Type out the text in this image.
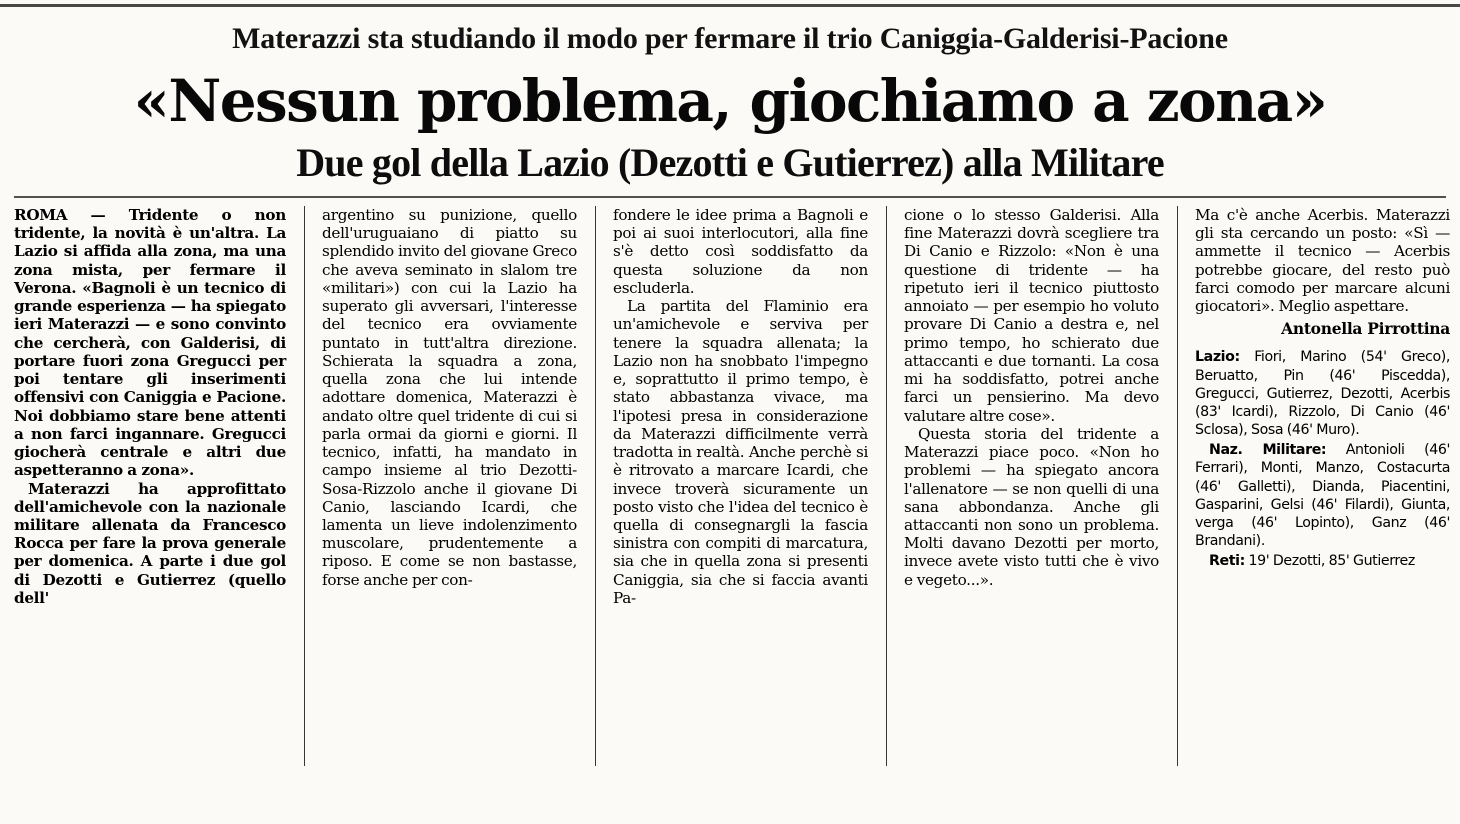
Materazzi sta studiando il modo per fermare il trio Caniggia-Galderisi-Pacione
«Nessun problema, giochiamo a zona»
Due gol della Lazio (Dezotti e Gutierrez) alla Militare

ROMA — Tridente o non tridente, la novità è un'altra. La Lazio si affida alla zona, ma una zona mista, per fermare il Verona. «Bagnoli è un tecnico di grande esperienza — ha spiegato ieri Materazzi — e sono convinto che cercherà, con Galderisi, di portare fuori zona Gregucci per poi tentare gli inserimenti offensivi con Caniggia e Pacione. Noi dobbiamo stare bene attenti a non farci ingannare. Gregucci giocherà centrale e altri due aspetteranno a zona».

Materazzi ha approfittato dell'amichevole con la nazionale militare allenata da Francesco Rocca per fare la prova generale per domenica. A parte i due gol di Dezotti e Gutierrez (quello dell'

argentino su punizione, quello dell'uruguaiano di piatto su splendido invito del giovane Greco che aveva seminato in slalom tre «militari») con cui la Lazio ha superato gli avversari, l'interesse del tecnico era ovviamente puntato in tutt'altra direzione. Schierata la squadra a zona, quella zona che lui intende adottare domenica, Materazzi è andato oltre quel tridente di cui si parla ormai da giorni e giorni. Il tecnico, infatti, ha mandato in campo insieme al trio Dezotti-Sosa-Rizzolo anche il giovane Di Canio, lasciando Icardi, che lamenta un lieve indolenzimento muscolare, prudentemente a riposo. E come se non bastasse, forse anche per con-

fondere le idee prima a Bagnoli e poi ai suoi interlocutori, alla fine s'è detto così soddisfatto da questa soluzione da non escluderla.

La partita del Flaminio era un'amichevole e serviva per tenere la squadra allenata; la Lazio non ha snobbato l'impegno e, soprattutto il primo tempo, è stato abbastanza vivace, ma l'ipotesi presa in considerazione da Materazzi difficilmente verrà tradotta in realtà. Anche perchè si è ritrovato a marcare Icardi, che invece troverà sicuramente un posto visto che l'idea del tecnico è quella di consegnargli la fascia sinistra con compiti di marcatura, sia che in quella zona si presenti Caniggia, sia che si faccia avanti Pa-

cione o lo stesso Galderisi. Alla fine Materazzi dovrà scegliere tra Di Canio e Rizzolo: «Non è una questione di tridente — ha ripetuto ieri il tecnico piuttosto annoiato — per esempio ho voluto provare Di Canio a destra e, nel primo tempo, ho schierato due attaccanti e due tornanti. La cosa mi ha soddisfatto, potrei anche farci un pensierino. Ma devo valutare altre cose».

Questa storia del tridente a Materazzi piace poco. «Non ho problemi — ha spiegato ancora l'allenatore — se non quelli di una sana abbondanza. Anche gli attaccanti non sono un problema. Molti davano Dezotti per morto, invece avete visto tutti che è vivo e vegeto...».

Ma c'è anche Acerbis. Materazzi gli sta cercando un posto: «Sì — ammette il tecnico — Acerbis potrebbe giocare, del resto può farci comodo per marcare alcuni giocatori». Meglio aspettare.

Antonella Pirrottina

Lazio: Fiori, Marino (54' Greco), Beruatto, Pin (46' Piscedda), Gregucci, Gutierrez, Dezotti, Acerbis (83' Icardi), Rizzolo, Di Canio (46' Sclosa), Sosa (46' Muro).

Naz. Militare: Antonioli (46' Ferrari), Monti, Manzo, Costacurta (46' Galletti), Dianda, Piacentini, Gasparini, Gelsi (46' Filardi), Giunta, verga (46' Lopinto), Ganz (46' Brandani).

Reti: 19' Dezotti, 85' Gutierrez
